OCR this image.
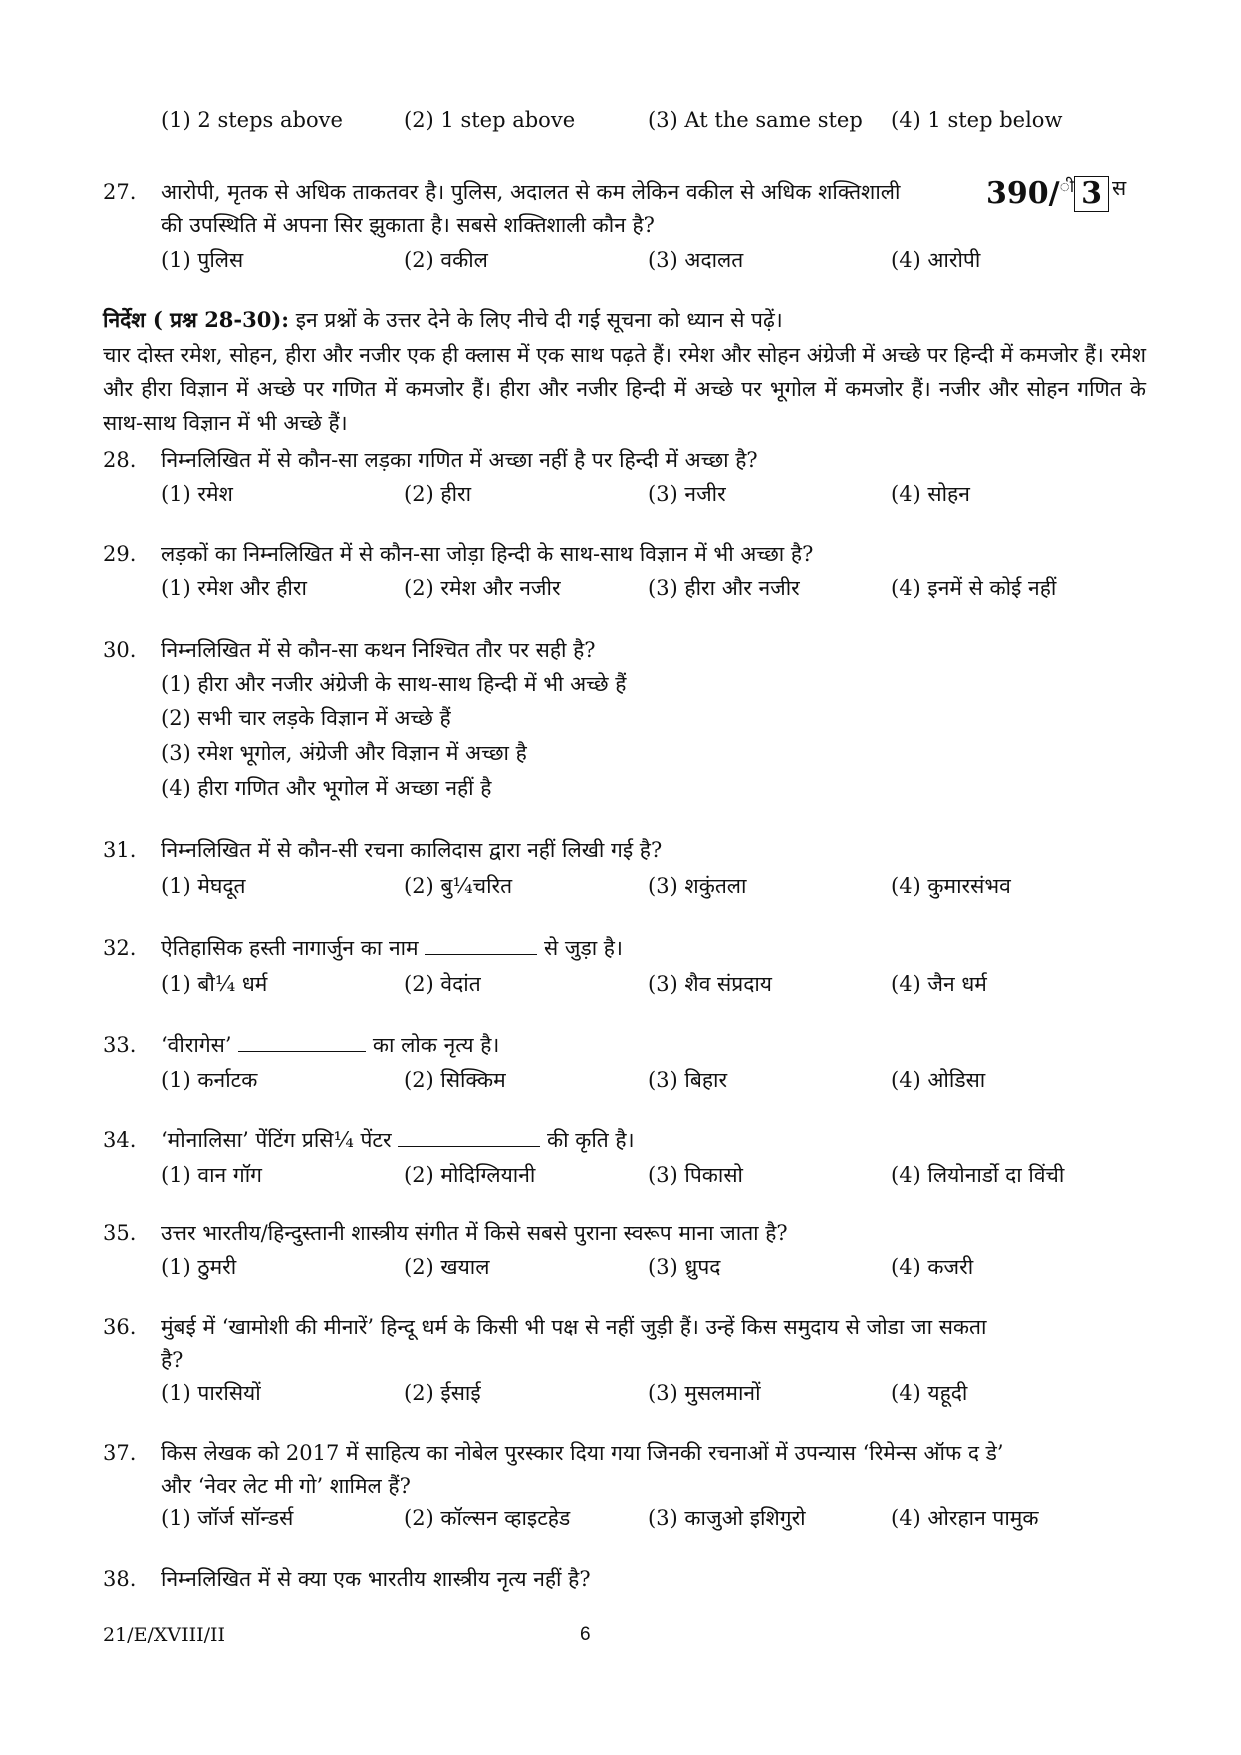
(1) 2 steps above	(2) 1 step above	(3) At the same step (4) 1 step below
27.	आरोपी, मृतक से अधिक ताकतवर है। पुलिस, अदालत से कम लेकिन वकील से अधिक शक्तिशाली
की उपस्थिति में अपना सिर झुकाता है। सबसे शक्तिशाली कौन है?
390/ी 3 स
(1) पुलिस	(2) वकील	(3) अदालत	(4) आरोपी
निर्देश ( प्रश्न 28-30): इन प्रश्नों के उत्तर देने के लिए नीचे दी गई सूचना को ध्यान से पढ़ें।
चार दोस्त रमेश, सोहन, हीरा और नजीर एक ही क्लास में एक साथ पढ़ते हैं। रमेश और सोहन अंग्रेजी में अच्छे पर हिन्दी में कमजोर हैं। रमेश और हीरा विज्ञान में अच्छे पर गणित में कमजोर हैं। हीरा और नजीर हिन्दी में अच्छे पर भूगोल में कमजोर हैं। नजीर और सोहन गणित के साथ-साथ विज्ञान में भी अच्छे हैं।
28.	निम्नलिखित में से कौन-सा लड़का गणित में अच्छा नहीं है पर हिन्दी में अच्छा है?
(1) रमेश	(2) हीरा	(3) नजीर	(4) सोहन
29.	लड़कों का निम्नलिखित में से कौन-सा जोड़ा हिन्दी के साथ-साथ विज्ञान में भी अच्छा है?
(1) रमेश और हीरा	(2) रमेश और नजीर	(3) हीरा और नजीर	(4) इनमें से कोई नहीं
30.	निम्नलिखित में से कौन-सा कथन निश्चित तौर पर सही है?
(1) हीरा और नजीर अंग्रेजी के साथ-साथ हिन्दी में भी अच्छे हैं
(2) सभी चार लड़के विज्ञान में अच्छे हैं
(3) रमेश भूगोल, अंग्रेजी और विज्ञान में अच्छा है
(4) हीरा गणित और भूगोल में अच्छा नहीं है
31.	निम्नलिखित में से कौन-सी रचना कालिदास द्वारा नहीं लिखी गई है?
(1) मेघदूत	(2) बु¼चरित	(3) शकुंतला	(4) कुमारसंभव
32.	ऐतिहासिक हस्ती नागार्जुन का नाम	से जुड़ा है।
(1) बौ¼ धर्म	(2) वेदांत	(3) शैव संप्रदाय	(4) जैन धर्म
33.	‘वीरागेस’	का लोक नृत्य है।
(1) कर्नाटक	(2) सिक्किम	(3) बिहार	(4) ओडिसा
34.	‘मोनालिसा’ पेंटिंग प्रसि¼ पेंटर	की कृति है।
(1) वान गॉग	(2) मोदिग्लियानी	(3) पिकासो	(4) लियोनार्डो दा विंची
35.	उत्तर भारतीय/हिन्दुस्तानी शास्त्रीय संगीत में किसे सबसे पुराना स्वरूप माना जाता है?
(1) ठुमरी	(2) खयाल	(3) ध्रुपद	(4) कजरी
36.	मुंबई में ‘खामोशी की मीनारें’ हिन्दू धर्म के किसी भी पक्ष से नहीं जुड़ी हैं। उन्हें किस समुदाय से जोडा जा सकता
है?
(1) पारसियों	(2) ईसाई	(3) मुसलमानों	(4) यहूदी
37.	किस लेखक को 2017 में साहित्य का नोबेल पुरस्कार दिया गया जिनकी रचनाओं में उपन्यास ‘रिमेन्स ऑफ द डे’
और ‘नेवर लेट मी गो’ शामिल हैं?
(1) जॉर्ज सॉन्डर्स	(2) कॉल्सन व्हाइटहेड	(3) काजुओ इशिगुरो	(4) ओरहान पामुक
38.	निम्नलिखित में से क्या एक भारतीय शास्त्रीय नृत्य नहीं है?
21/E/XVIII/II	6
